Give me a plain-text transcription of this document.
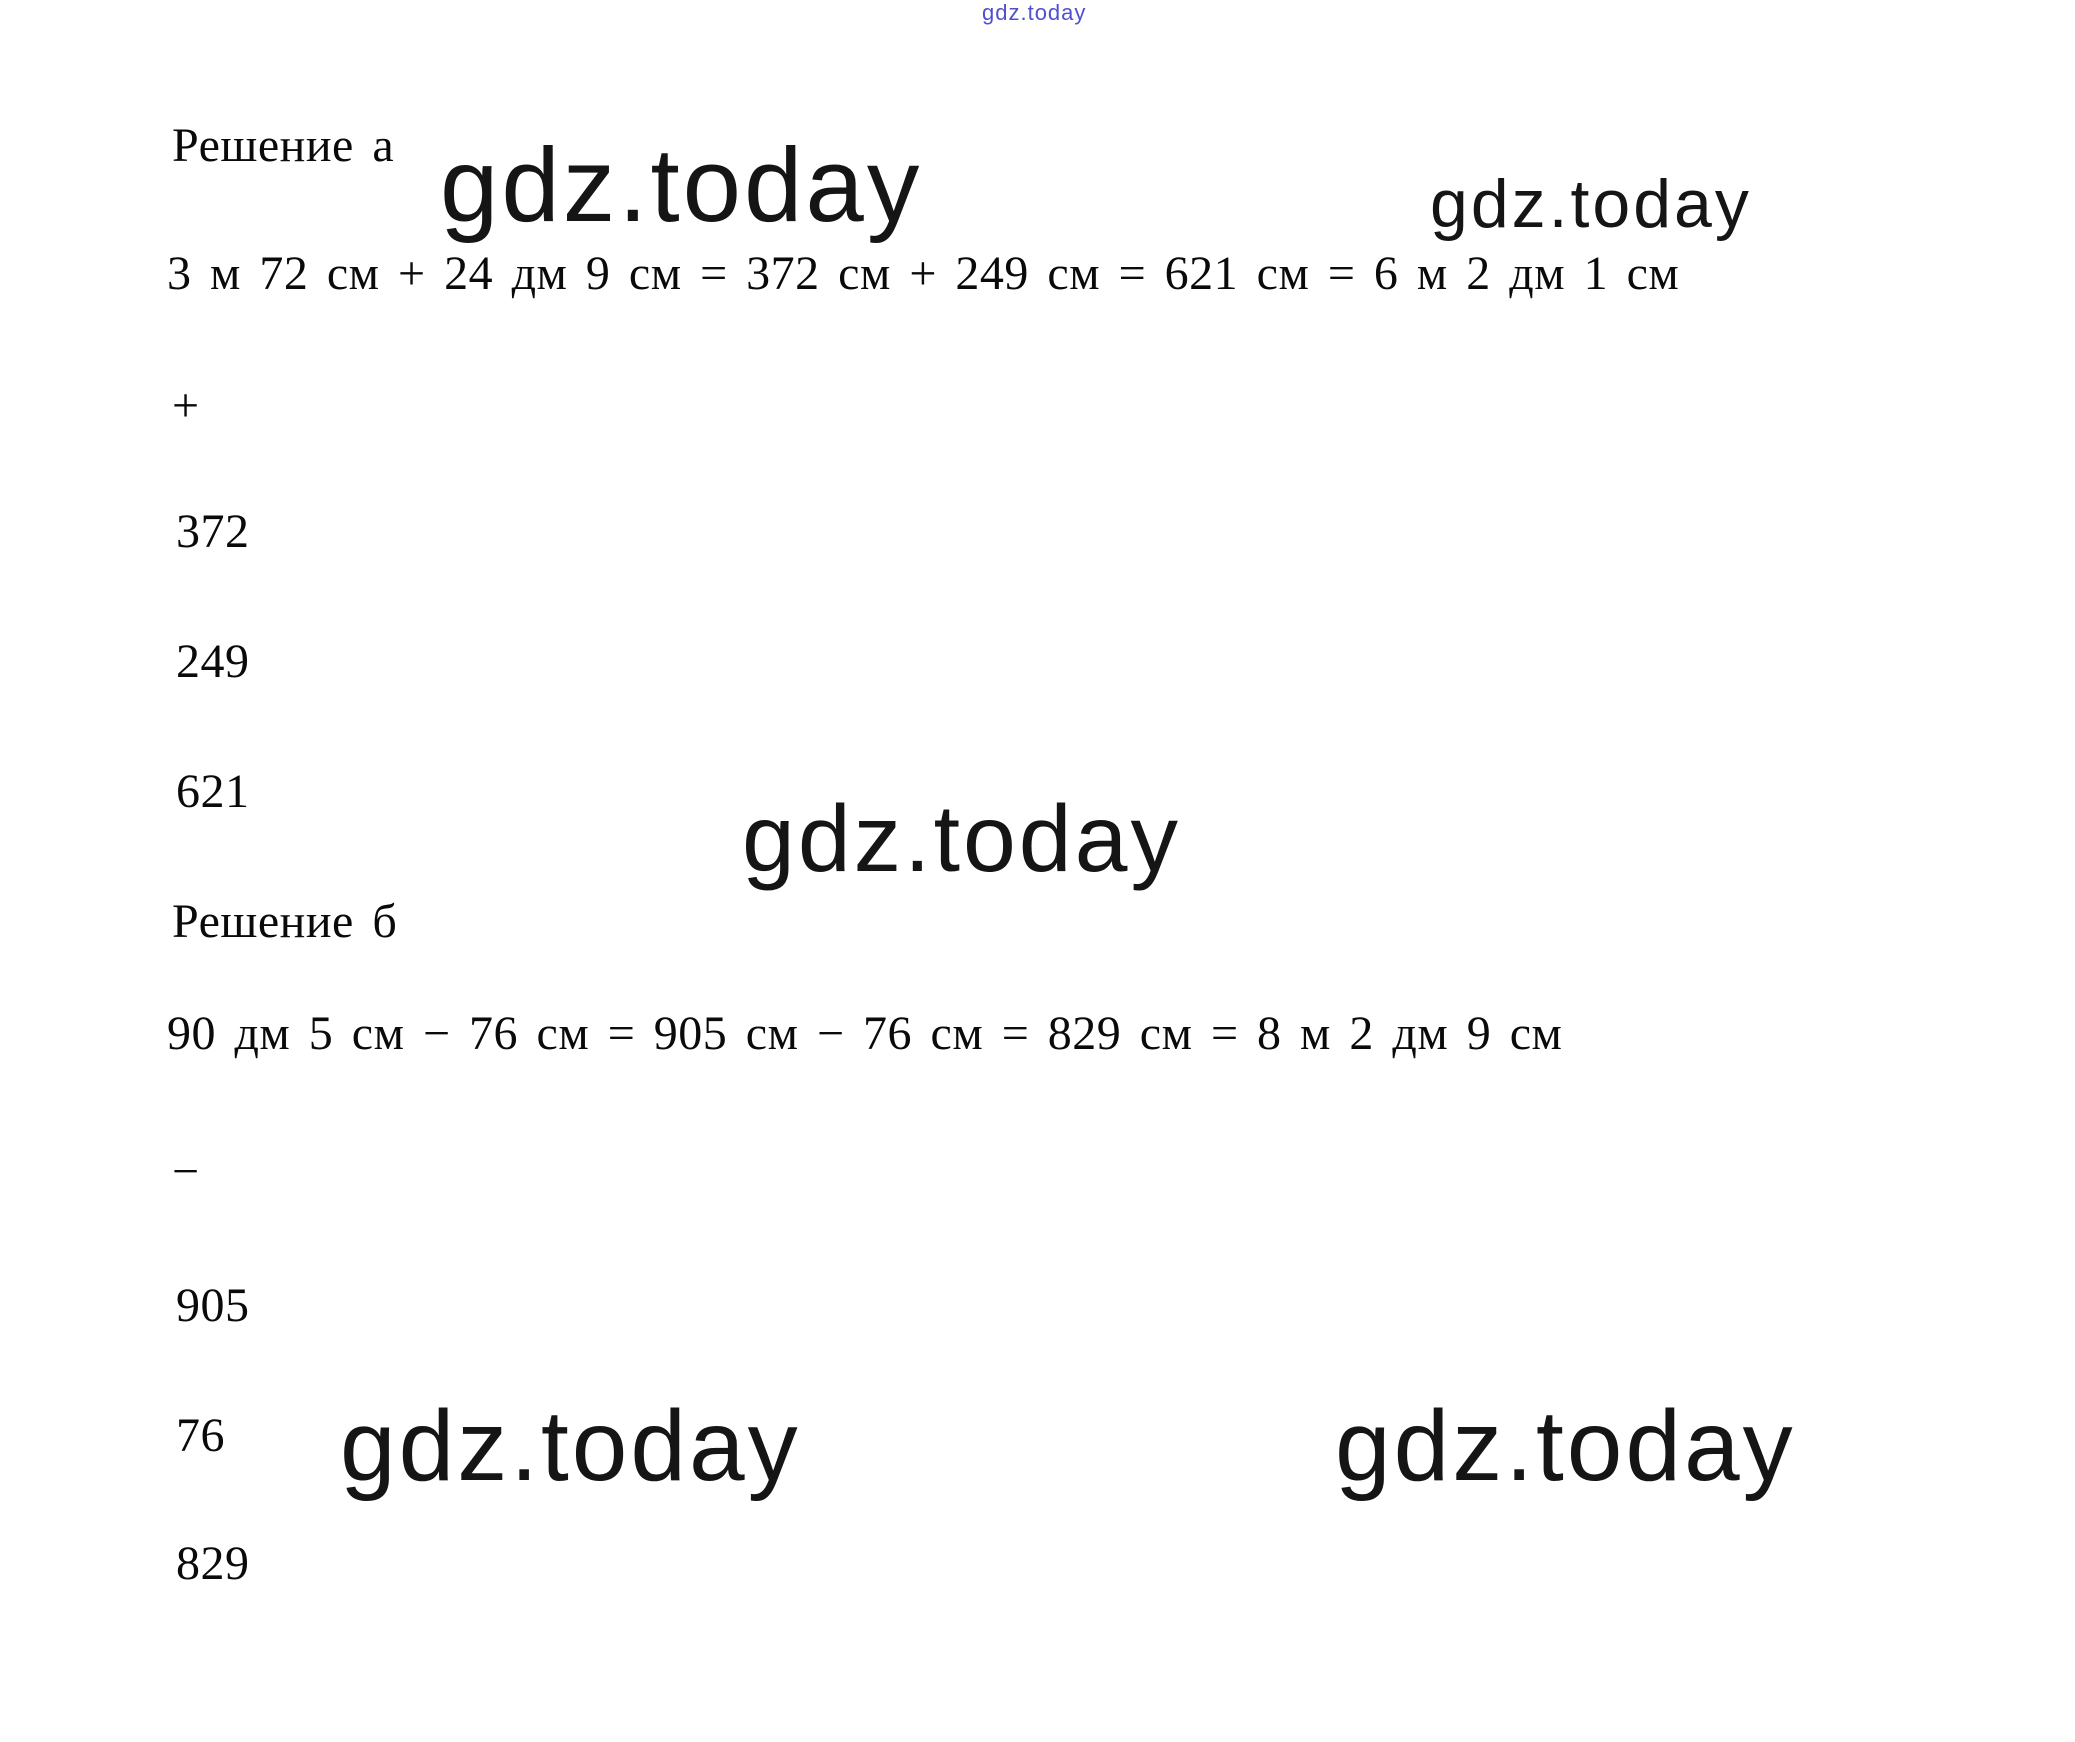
gdz.today
gdz.today	gdz.today
gdz.today
gdz.today	gdz.today
Решение а
3 м 72 см + 24 дм 9 см = 372 см + 249 см = 621 см = 6 м 2 дм 1 см
+
372
249
621
Решение б
90 дм 5 см − 76 см = 905 см − 76 см = 829 см = 8 м 2 дм 9 см
−
905
76
829
